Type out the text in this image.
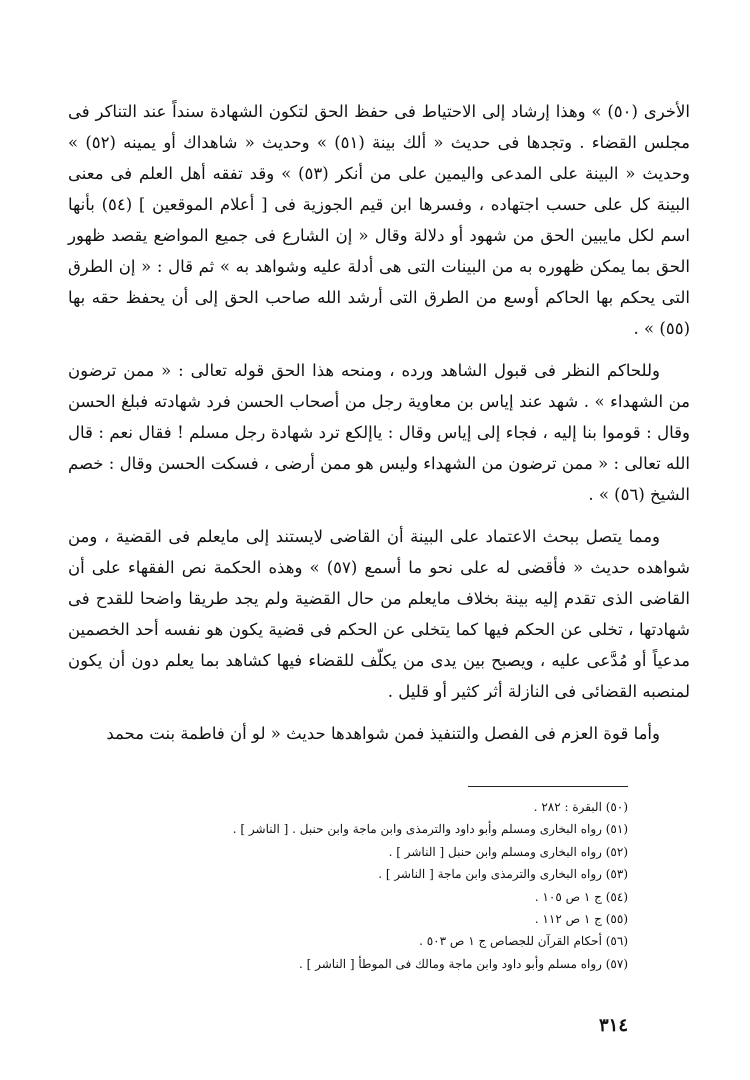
الأخرى (٥٠) » وهذا إرشاد إلى الاحتياط فى حفظ الحق لتكون الشهادة سنداً عند التناكر فى مجلس القضاء . وتجدها فى حديث « ألك بينة (٥١) » وحديث « شاهداك أو يمينه (٥٢) » وحديث « البينة على المدعى واليمين على من أنكر (٥٣) » وقد تفقه أهل العلم فى معنى البينة كل على حسب اجتهاده ، وفسرها ابن قيم الجوزية فى [ أعلام الموقعين ] (٥٤) بأنها اسم لكل مايبين الحق من شهود أو دلالة وقال « إن الشارع فى جميع المواضع يقصد ظهور الحق بما يمكن ظهوره به من البينات التى هى أدلة عليه وشواهد به » ثم قال : « إن الطرق التى يحكم بها الحاكم أوسع من الطرق التى أرشد الله صاحب الحق إلى أن يحفظ حقه بها (٥٥) » .

وللحاكم النظر فى قبول الشاهد ورده ، ومنحه هذا الحق قوله تعالى : « ممن ترضون من الشهداء » . شهد عند إياس بن معاوية رجل من أصحاب الحسن فرد شهادته فبلغ الحسن وقال : قوموا بنا إليه ، فجاء إلى إياس وقال : ياإلكع ترد شهادة رجل مسلم ! فقال نعم : قال الله تعالى : « ممن ترضون من الشهداء وليس هو ممن أرضى ، فسكت الحسن وقال : خصم الشيخ (٥٦) » .

ومما يتصل ببحث الاعتماد على البينة أن القاضى لايستند إلى مايعلم فى القضية ، ومن شواهده حديث « فأقضى له على نحو ما أسمع (٥٧) » وهذه الحكمة نص الفقهاء على أن القاضى الذى تقدم إليه بينة بخلاف مايعلم من حال القضية ولم يجد طريقا واضحا للقدح فى شهادتها ، تخلى عن الحكم فيها كما يتخلى عن الحكم فى قضية يكون هو نفسه أحد الخصمين مدعياً أو مُدَّعى عليه ، ويصبح بين يدى من يكلّف للقضاء فيها كشاهد بما يعلم دون أن يكون لمنصبه القضائى فى النازلة أثر كثير أو قليل .

وأما قوة العزم فى الفصل والتنفيذ فمن شواهدها حديث « لو أن فاطمة بنت محمد

(٥٠) البقرة : ٢٨٢ .
(٥١) رواه البخارى ومسلم وأبو داود والترمذى وابن ماجة وابن حنبل . [ الناشر ] .
(٥٢) رواه البخارى ومسلم وابن حنبل [ الناشر ] .
(٥٣) رواه البخارى والترمذى وابن ماجة [ الناشر ] .
(٥٤) ج ١ ص ١٠٥ .
(٥٥) ج ١ ص ١١٢ .
(٥٦) أحكام القرآن للجصاص ج ١ ص ٥٠٣ .
(٥٧) رواه مسلم وأبو داود وابن ماجة ومالك فى الموطأ [ الناشر ] .
٣١٤
